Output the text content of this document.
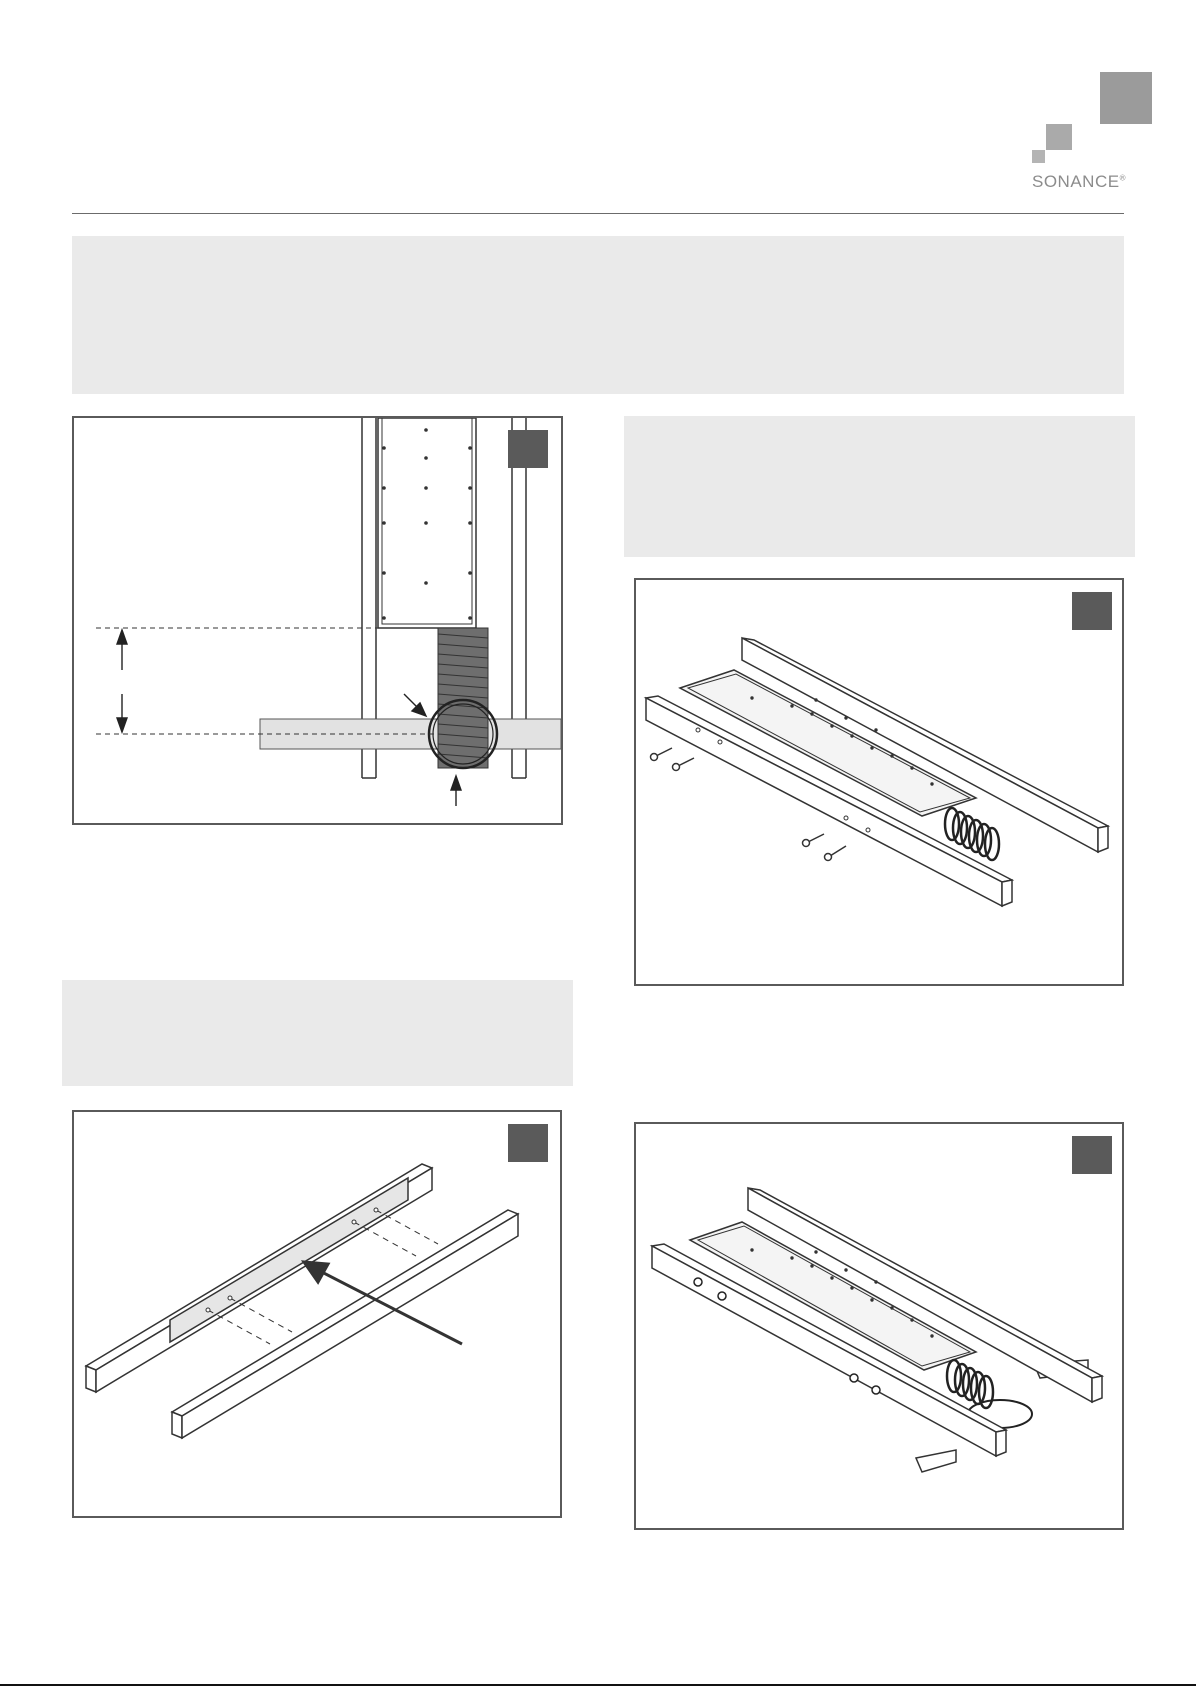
SONANCE®
